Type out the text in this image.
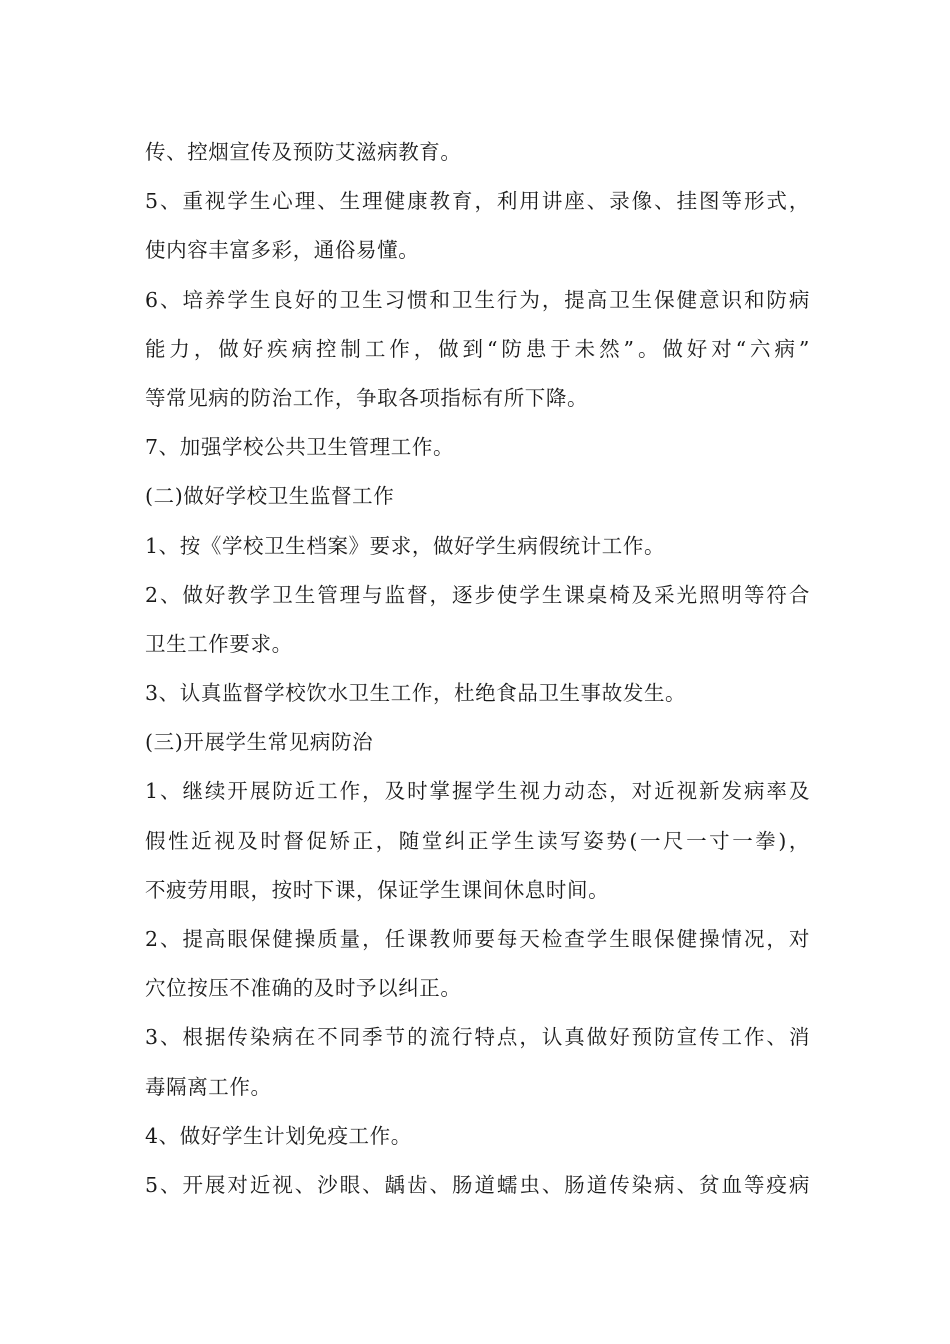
传、控烟宣传及预防艾滋病教育。
5、重视学生心理、生理健康教育，利用讲座、录像、挂图等形式，
使内容丰富多彩，通俗易懂。
6、培养学生良好的卫生习惯和卫生行为，提高卫生保健意识和防病
能力，做好疾病控制工作，做到“防患于未然”。做好对“六病”
等常见病的防治工作，争取各项指标有所下降。
7、加强学校公共卫生管理工作。
(二)做好学校卫生监督工作
1、按《学校卫生档案》要求，做好学生病假统计工作。
2、做好教学卫生管理与监督，逐步使学生课桌椅及采光照明等符合
卫生工作要求。
3、认真监督学校饮水卫生工作，杜绝食品卫生事故发生。
(三)开展学生常见病防治
1、继续开展防近工作，及时掌握学生视力动态，对近视新发病率及
假性近视及时督促矫正，随堂纠正学生读写姿势(一尺一寸一拳)，
不疲劳用眼，按时下课，保证学生课间休息时间。
2、提高眼保健操质量，任课教师要每天检查学生眼保健操情况，对
穴位按压不准确的及时予以纠正。
3、根据传染病在不同季节的流行特点，认真做好预防宣传工作、消
毒隔离工作。
4、做好学生计划免疫工作。
5、开展对近视、沙眼、龋齿、肠道蠕虫、肠道传染病、贫血等疫病
